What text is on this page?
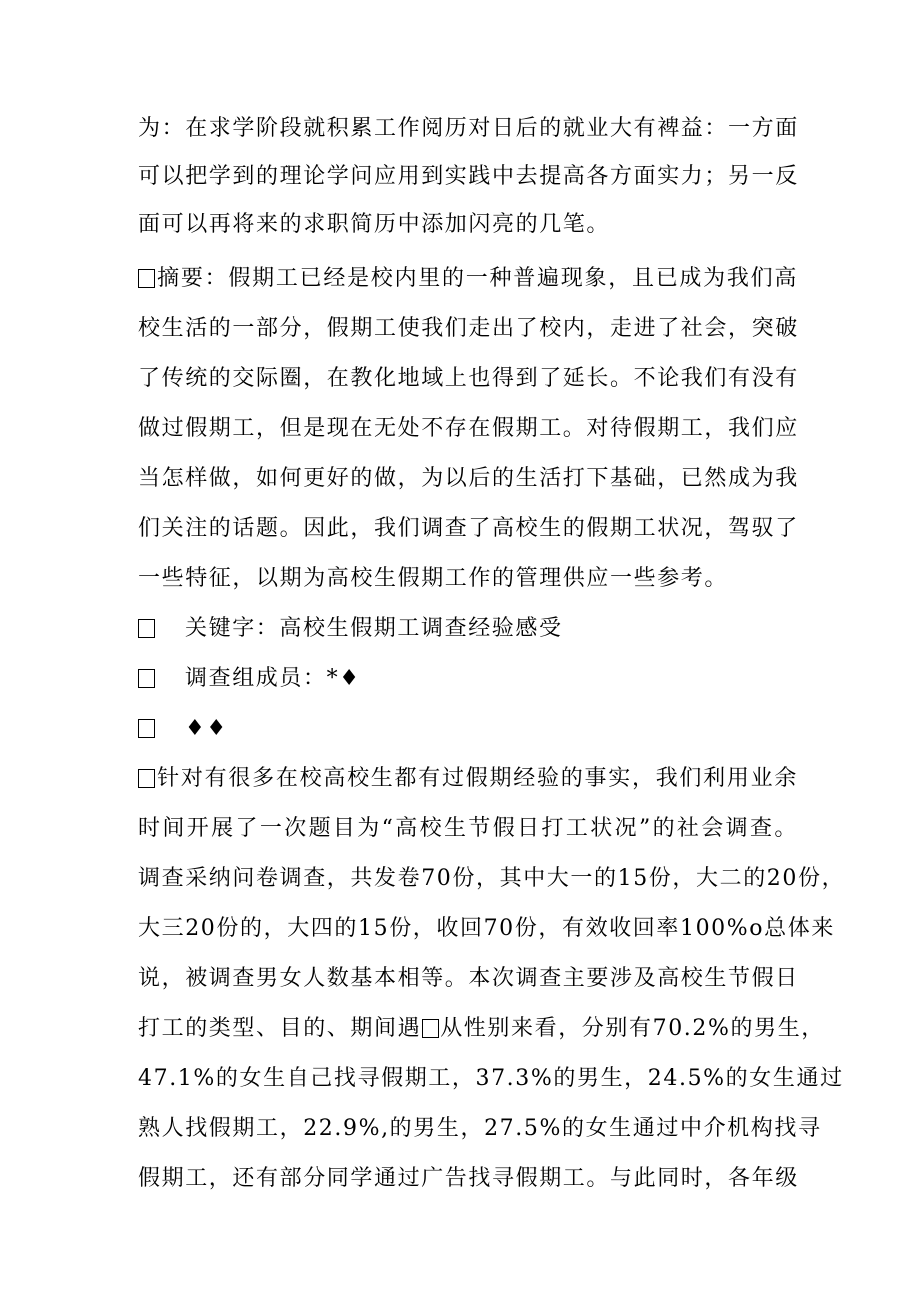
为：在求学阶段就积累工作阅历对日后的就业大有裨益：一方面
可以把学到的理论学问应用到实践中去提高各方面实力；另一反
面可以再将来的求职简历中添加闪亮的几笔。
摘要：假期工已经是校内里的一种普遍现象，且已成为我们高
校生活的一部分，假期工使我们走出了校内，走进了社会，突破
了传统的交际圈，在教化地域上也得到了延长。不论我们有没有
做过假期工，但是现在无处不存在假期工。对待假期工，我们应
当怎样做，如何更好的做，为以后的生活打下基础，已然成为我
们关注的话题。因此，我们调查了高校生的假期工状况，驾驭了
一些特征，以期为高校生假期工作的管理供应一些参考。
关键字：高校生假期工调查经验感受
调查组成员：*♦
♦♦
针对有很多在校高校生都有过假期经验的事实，我们利用业余
时间开展了一次题目为“高校生节假日打工状况”的社会调查。
调查采纳问卷调查，共发卷70份，其中大一的15份，大二的20份，
大三20份的，大四的15份，收回70份，有效收回率100%o总体来
说，被调查男女人数基本相等。本次调查主要涉及高校生节假日
打工的类型、目的、期间遇 从性别来看，分别有70.2%的男生，
47.1%的女生自己找寻假期工，37.3%的男生，24.5%的女生通过
熟人找假期工，22.9%,的男生，27.5%的女生通过中介机构找寻
假期工，还有部分同学通过广告找寻假期工。与此同时，各年级
